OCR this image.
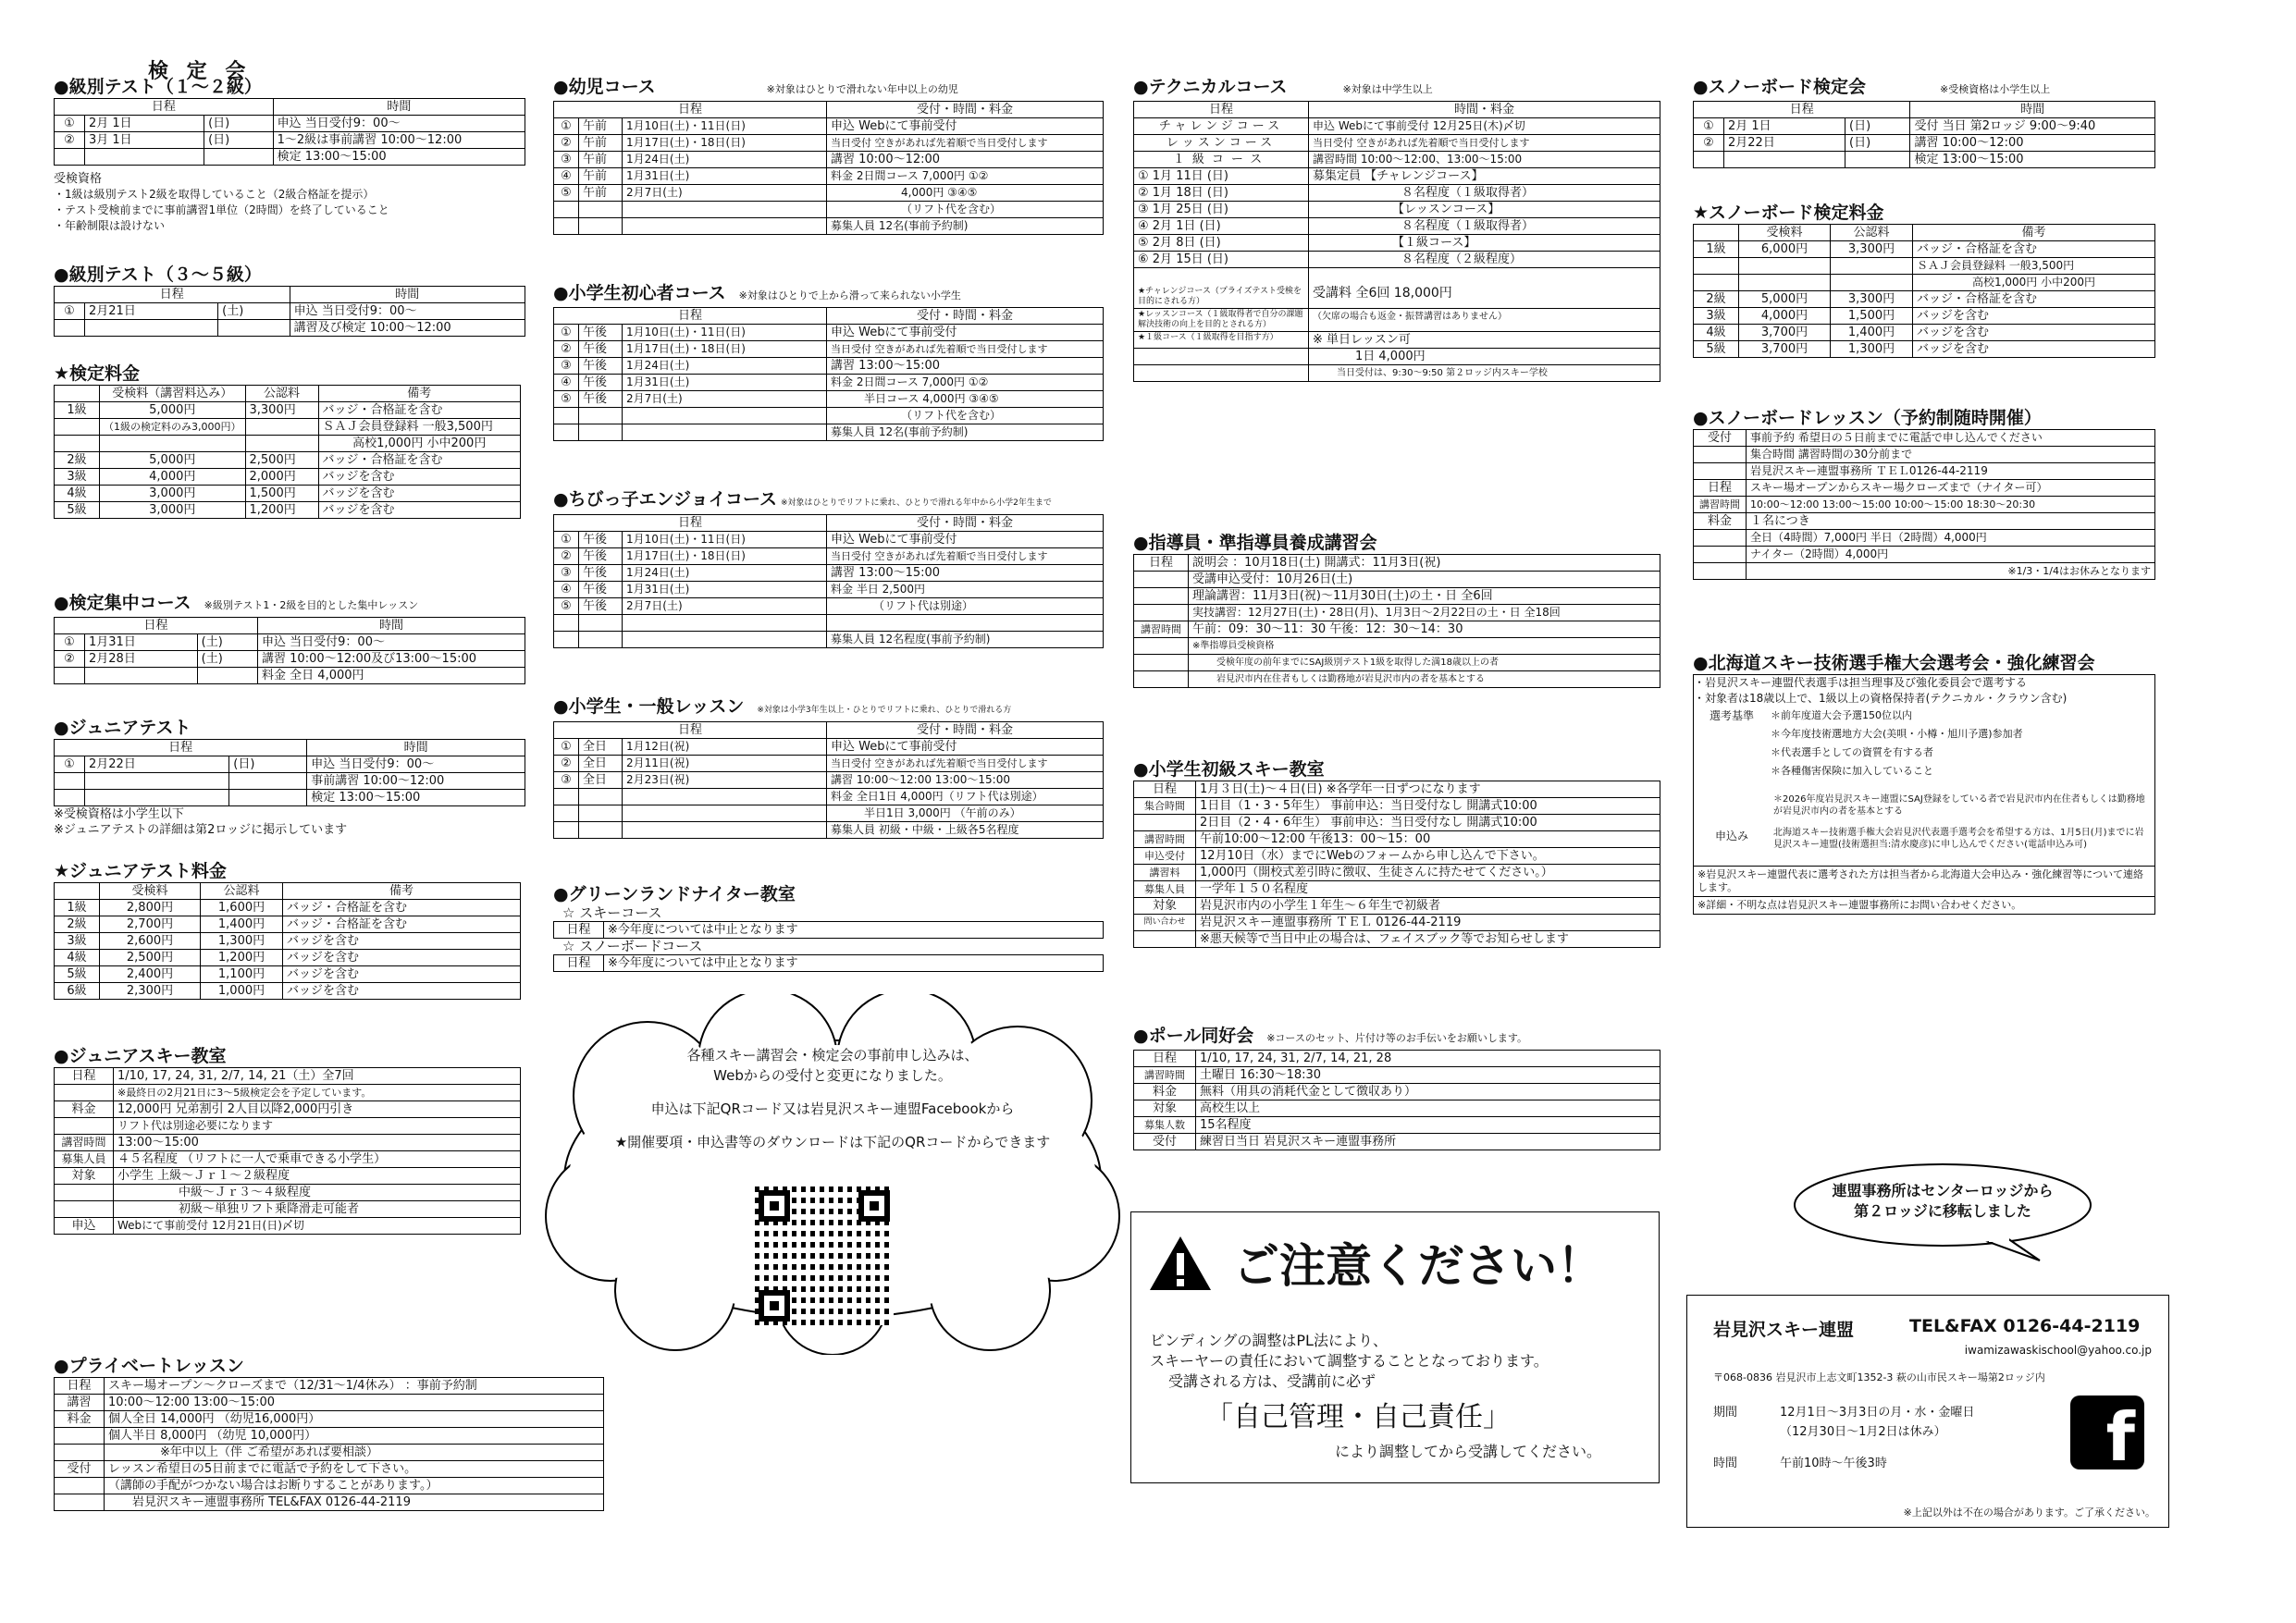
検 定 会
●級別テスト（１～２級）
日程			時間
①	2月 1日	(日)	申込 当日受付9：00～
②	3月 1日	(日)	1～2級は事前講習 10:00～12:00
			検定 13:00～15:00
受検資格
・1級は級別テスト2級を取得していること（2級合格証を提示）
・テスト受検前までに事前講習1単位（2時間）を終了していること
・年齢制限は設けない
●級別テスト（３～５級）
日程			時間
①	2月21日	(土)	申込 当日受付9：00～
			講習及び検定 10:00～12:00
★検定料金
	受検料（講習料込み）	公認料	備考
1級	5,000円	3,300円	バッジ・合格証を含む
	（1級の検定料のみ3,000円）		ＳＡＪ会員登録料 一般3,500円
			高校1,000円 小中200円
2級	5,000円	2,500円	バッジ・合格証を含む
3級	4,000円	2,000円	バッジを含む
4級	3,000円	1,500円	バッジを含む
5級	3,000円	1,200円	バッジを含む
●検定集中コース ※級別テスト1・2級を目的とした集中レッスン
日程			時間
①	1月31日	(土)	申込 当日受付9：00～
②	2月28日	(土)	講習 10:00～12:00及び13:00～15:00
			料金 全日 4,000円
●ジュニアテスト
日程			時間
①	2月22日	(日)	申込 当日受付9：00～
			事前講習 10:00～12:00
			検定 13:00～15:00
※受検資格は小学生以下
※ジュニアテストの詳細は第2ロッジに掲示しています
★ジュニアテスト料金
	受検料	公認料	備考
1級	2,800円	1,600円	バッジ・合格証を含む
2級	2,700円	1,400円	バッジ・合格証を含む
3級	2,600円	1,300円	バッジを含む
4級	2,500円	1,200円	バッジを含む
5級	2,400円	1,100円	バッジを含む
6級	2,300円	1,000円	バッジを含む
●ジュニアスキー教室
日程	1/10, 17, 24, 31, 2/7, 14, 21（土）全7回
	※最終日の2月21日に3～5級検定会を予定しています。
料金	12,000円 兄弟割引 2人目以降2,000円引き
	リフト代は別途必要になります
講習時間	13:00～15:00
募集人員	４５名程度 （リフトに一人で乗車できる小学生）
対象	小学生 上級～Ｊｒ１～２級程度
	中級～Ｊｒ３～４級程度
	初級～単独リフト乗降滑走可能者
申込	Webにて事前受付 12月21日(日)〆切
●プライベートレッスン
日程	スキー場オープン～クローズまで（12/31～1/4休み） ：事前予約制
講習	10:00～12:00 13:00～15:00
料金	個人全日 14,000円 （幼児16,000円）
	個人半日 8,000円 （幼児 10,000円）
	※年中以上（伴 ご希望があれば要相談）
受付	レッスン希望日の5日前までに電話で予約をして下さい。
	（講師の手配がつかない場合はお断りすることがあります。）
	岩見沢スキー連盟事務所 TEL&FAX 0126-44-2119
●幼児コース	※対象はひとりで滑れない年中以上の幼児
日程			受付・時間・料金
①	午前	1月10日(土)・11日(日)	申込 Webにて事前受付
②	午前	1月17日(土)・18日(日)	当日受付 空きがあれば先着順で当日受付します
③	午前	1月24日(土)	講習 10:00～12:00
④	午前	1月31日(土)	料金 2日間コース 7,000円 ①②
⑤	午前	2月7日(土)	4,000円 ③④⑤
			（リフト代を含む）
			募集人員 12名(事前予約制)
●小学生初心者コース ※対象はひとりで上から滑って来られない小学生
日程			受付・時間・料金
①	午後	1月10日(土)・11日(日)	申込 Webにて事前受付
②	午後	1月17日(土)・18日(日)	当日受付 空きがあれば先着順で当日受付します
③	午後	1月24日(土)	講習 13:00～15:00
④	午後	1月31日(土)	料金 2日間コース 7,000円 ①②
⑤	午後	2月7日(土)	半日コース 4,000円 ③④⑤
			（リフト代を含む）
			募集人員 12名(事前予約制)
●ちびっ子エンジョイコース ※対象はひとりでリフトに乗れ、ひとりで滑れる年中から小学2年生まで
日程			受付・時間・料金
①	午後	1月10日(土)・11日(日)	申込 Webにて事前受付
②	午後	1月17日(土)・18日(日)	当日受付 空きがあれば先着順で当日受付します
③	午後	1月24日(土)	講習 13:00～15:00
④	午後	1月31日(土)	料金 半日 2,500円
⑤	午後	2月7日(土)	（リフト代は別途）

			募集人員 12名程度(事前予約制)
●小学生・一般レッスン ※対象は小学3年生以上・ひとりでリフトに乗れ、ひとりで滑れる方
日程			受付・時間・料金
①	全日	1月12日(祝)	申込 Webにて事前受付
②	全日	2月11日(祝)	当日受付 空きがあれば先着順で当日受付します
③	全日	2月23日(祝)	講習 10:00～12:00 13:00～15:00
			料金 全日1日 4,000円（リフト代は別途）
			半日1日 3,000円 （午前のみ）
			募集人員 初級・中級・上級各5名程度
●グリーンランドナイター教室
☆ スキーコース
日程	※今年度については中止となります
☆ スノーボードコース
日程	※今年度については中止となります
各種スキー講習会・検定会の事前申し込みは、
Webからの受付と変更になりました。
申込は下記QRコード又は岩見沢スキー連盟Facebookから
★開催要項・申込書等のダウンロードは下記のQRコードからできます
●テクニカルコース	※対象は中学生以上
日程	時間・料金
チャレンジコース	申込 Webにて事前受付 12月25日(木)〆切
レッスンコース	当日受付 空きがあれば先着順で当日受付します
１級コース	講習時間 10:00～12:00、13:00～15:00
① 1月 11日 (日)	募集定員 【チャレンジコース】
② 1月 18日 (日)	８名程度（１級取得者）
③ 1月 25日 (日)	【レッスンコース】
④ 2月 1日 (日)	８名程度（１級取得者）
⑤ 2月 8日 (日)	【１級コース】
⑥ 2月 15日 (日)	８名程度（２級程度）
★チャレンジコース（プライズテスト受検を目的にされる方）	受講料 全6回 18,000円
★レッスンコース（１級取得者で自分の課題解決技術の向上を目的とされる方）	（欠席の場合も返金・振替講習はありません）
★１級コース（１級取得を目指す方）	※ 単日レッスン可
	1日 4,000円
	当日受付は、9:30～9:50 第２ロッジ内スキー学校
●指導員・準指導員養成講習会
日程	説明会 ：10月18日(土) 開講式：11月3日(祝)
	受講申込受付：10月26日(土)
	理論講習：11月3日(祝)～11月30日(土)の土・日 全6回
	実技講習：12月27日(土)・28日(月)、1月3日～2月22日の土・日 全18回
講習時間	午前：09：30～11：30 午後：12：30～14：30
	※準指導員受検資格
	受検年度の前年までにSAJ級別テスト1級を取得した満18歳以上の者
	岩見沢市内在住者もしくは勤務地が岩見沢市内の者を基本とする
●小学生初級スキー教室
日程	1月３日(土)～４日(日) ※各学年一日ずつになります
集合時間	1日目（1・3・5年生） 事前申込：当日受付なし 開講式10:00
	2日目（2・4・6年生） 事前申込：当日受付なし 開講式10:00
講習時間	午前10:00～12:00 午後13：00～15：00
申込受付	12月10日（水）までにWebのフォームから申し込んで下さい。
講習料	1,000円（開校式差引時に徴収、生徒さんに持たせてください。）
募集人員	一学年１５０名程度
対象	岩見沢市内の小学生１年生～６年生で初級者
問い合わせ	岩見沢スキー連盟事務所 ＴＥＬ 0126-44-2119
	※悪天候等で当日中止の場合は、フェイスブック等でお知らせします
●ポール同好会 ※コースのセット、片付け等のお手伝いをお願いします。
日程	1/10, 17, 24, 31, 2/7, 14, 21, 28
講習時間	土曜日 16:30～18:30
料金	無料（用具の消耗代金として徴収あり）
対象	高校生以上
募集人数	15名程度
受付	練習日当日 岩見沢スキー連盟事務所
ご注意ください！
ビンディングの調整はPL法により、
スキーヤーの責任において調整することとなっております。
受講される方は、受講前に必ず
「自己管理・自己責任」
により調整してから受講してください。
●スノーボード検定会	※受検資格は小学生以上
日程			時間
①	2月 1日	(日)	受付 当日 第2ロッジ 9:00～9:40
②	2月22日	(日)	講習 10:00～12:00
			検定 13:00～15:00
★スノーボード検定料金
	受検料	公認料	備考
1級	6,000円	3,300円	バッジ・合格証を含む
			ＳＡＪ会員登録料 一般3,500円
			高校1,000円 小中200円
2級	5,000円	3,300円	バッジ・合格証を含む
3級	4,000円	1,500円	バッジを含む
4級	3,700円	1,400円	バッジを含む
5級	3,700円	1,300円	バッジを含む
●スノーボードレッスン（予約制随時開催）
受付	事前予約 希望日の５日前までに電話で申し込んでください
	集合時間 講習時間の30分前まで
	岩見沢スキー連盟事務所 ＴＥＬ0126-44-2119
日程	スキー場オープンからスキー場クローズまで（ナイター可）
講習時間	10:00～12:00 13:00～15:00 10:00～15:00 18:30～20:30
料金	１名につき
	全日（4時間）7,000円 半日（2時間）4,000円
	ナイター（2時間）4,000円
	※1/3・1/4はお休みとなります
●北海道スキー技術選手権大会選考会・強化練習会
・岩見沢スキー連盟代表選手は担当理事及び強化委員会で選考する
・対象者は18歳以上で、1級以上の資格保持者(テクニカル・クラウン含む)
選考基準	＊前年度道大会予選150位以内
	＊今年度技術選地方大会(美唄・小樽・旭川予選)参加者
	＊代表選手としての資質を有する者
	＊各種傷害保険に加入していること
	＊2026年度岩見沢スキー連盟にSAJ登録をしている者で岩見沢市内在住者もしくは勤務地が岩見沢市内の者を基本とする
申込み	北海道スキー技術選手権大会岩見沢代表選手選考会を希望する方は、1月5日(月)までに岩見沢スキー連盟(技術選担当:清水慶彦)に申し込んでください(電話申込み可)
※岩見沢スキー連盟代表に選考された方は担当者から北海道大会申込み・強化練習等について連絡します。
※詳細・不明な点は岩見沢スキー連盟事務所にお問い合わせください。
連盟事務所はセンターロッジから
第２ロッジに移転しました
岩見沢スキー連盟	TEL&FAX 0126-44-2119
iwamizawaskischool@yahoo.co.jp
〒068-0836 岩見沢市上志文町1352-3 萩の山市民スキー場第2ロッジ内
期間	12月1日～3月3日の月・水・金曜日
（12月30日～1月2日は休み）
時間	午前10時～午後3時
※上記以外は不在の場合があります。ご了承ください。
f
